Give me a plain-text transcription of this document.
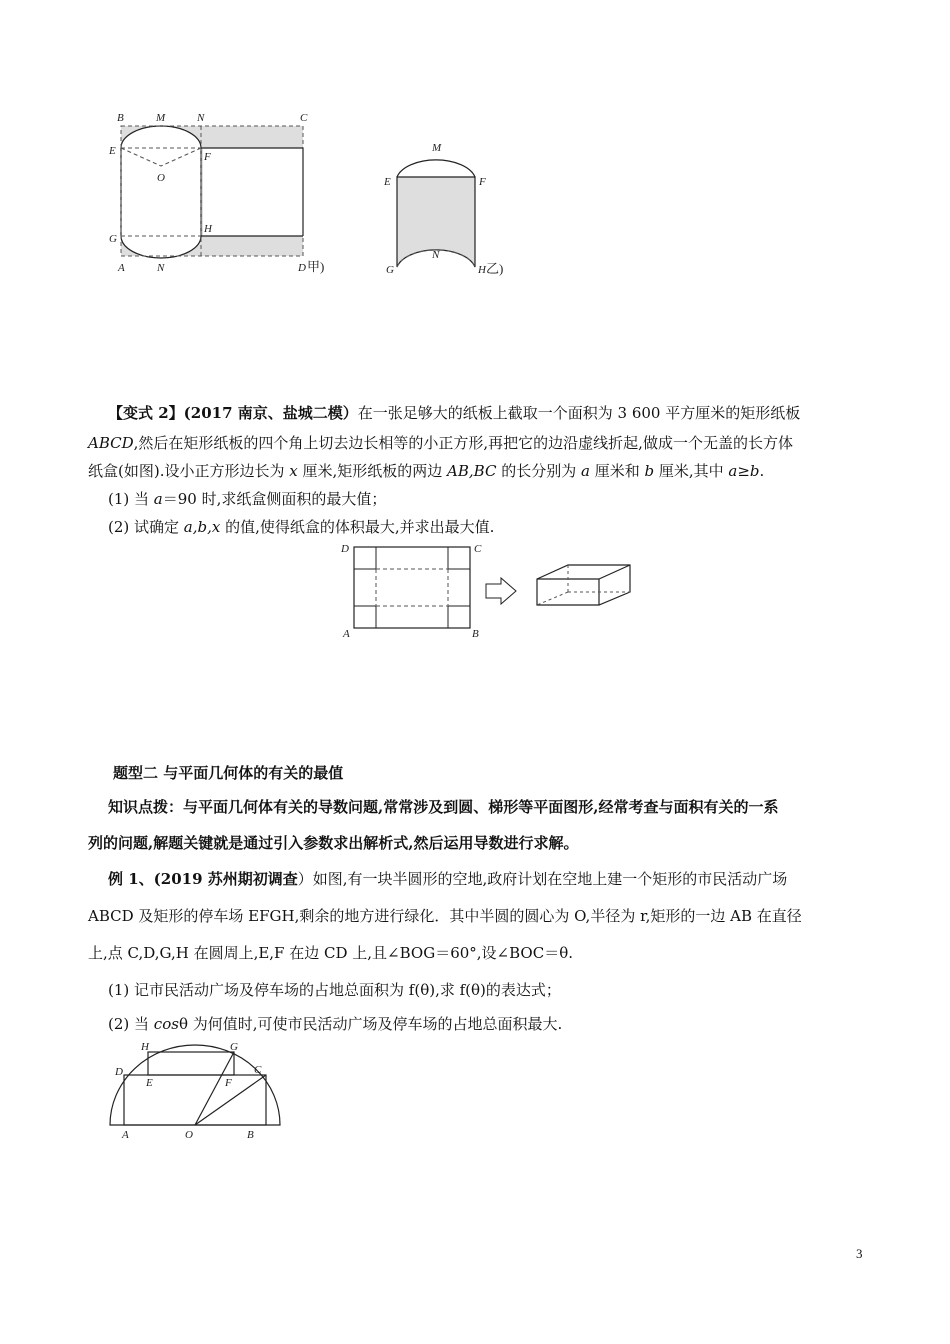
B	M	N	C
E	F
O
G
H
A	N	D 甲)
M
E	F
N
G	H 乙)
【变式 2】(2017 南京、盐城二模）在一张足够大的纸板上截取一个面积为 3 600 平方厘米的矩形纸板
ABCD,然后在矩形纸板的四个角上切去边长相等的小正方形,再把它的边沿虚线折起,做成一个无盖的长方体
纸盒(如图).设小正方形边长为 x 厘米,矩形纸板的两边 AB,BC 的长分别为 a 厘米和 b 厘米,其中 a≥b.
(1) 当 a＝90 时,求纸盒侧面积的最大值；
(2) 试确定 a,b,x 的值,使得纸盒的体积最大,并求出最大值.
D	C
A	B
题型二 与平面几何体的有关的最值
知识点拨：与平面几何体有关的导数问题,常常涉及到圆、梯形等平面图形,经常考查与面积有关的一系
列的问题,解题关键就是通过引入参数求出解析式,然后运用导数进行求解。
例 1、(2019 苏州期初调查）如图,有一块半圆形的空地,政府计划在空地上建一个矩形的市民活动广场
ABCD 及矩形的停车场 EFGH,剩余的地方进行绿化．其中半圆的圆心为 O,半径为 r,矩形的一边 AB 在直径
上,点 C,D,G,H 在圆周上,E,F 在边 CD 上,且∠BOG＝60°,设∠BOC＝θ.
(1) 记市民活动广场及停车场的占地总面积为 f(θ),求 f(θ)的表达式；
(2) 当 cosθ 为何值时,可使市民活动广场及停车场的占地总面积最大.
H	G
D	C
E	F
A	O	B
3
